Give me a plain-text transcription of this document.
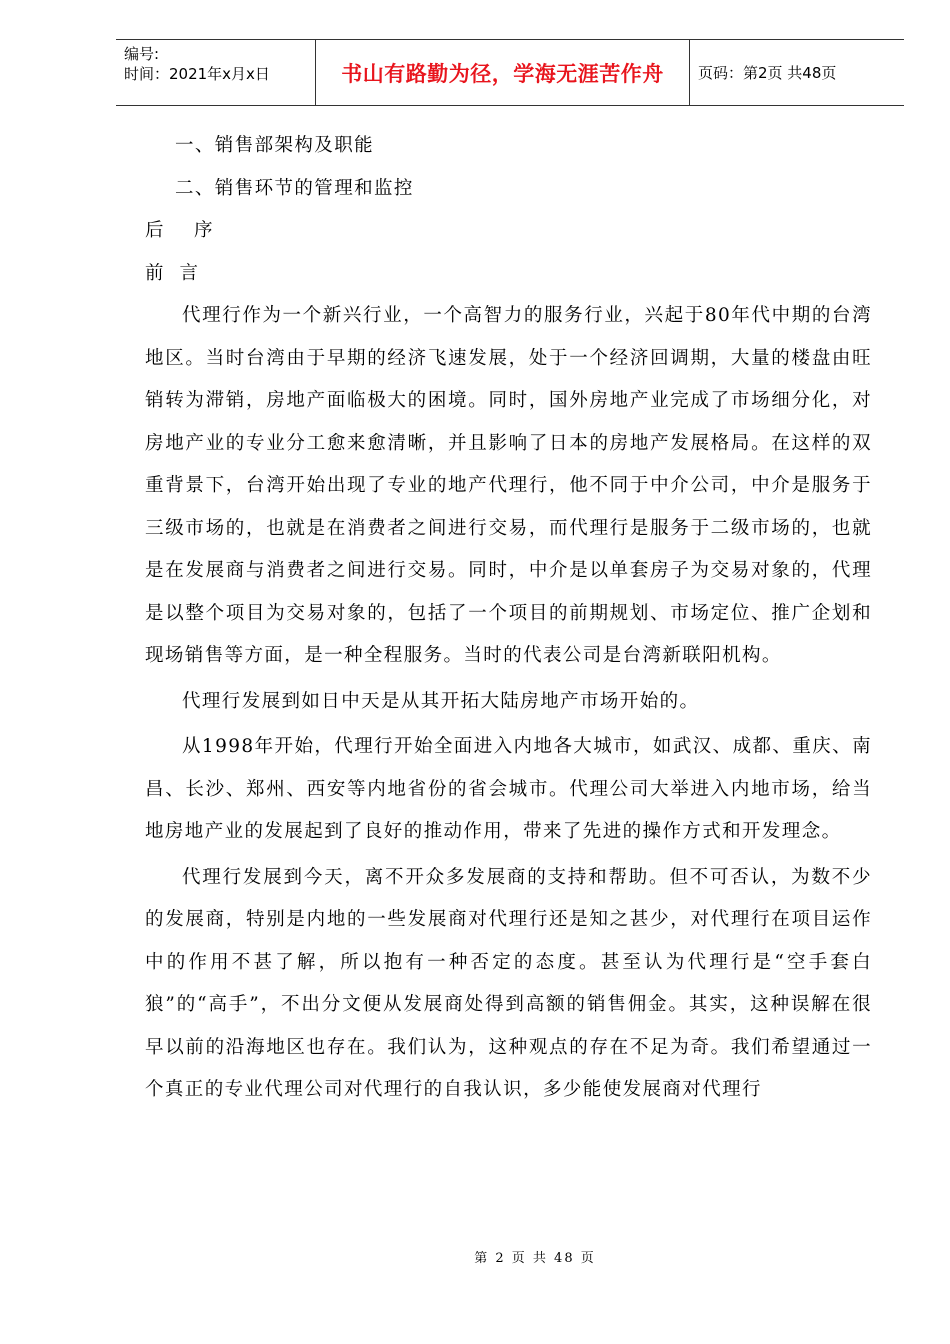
编号:
时间：2021年x月x日	书山有路勤为径，学海无涯苦作舟 页码：第2页 共48页

一、销售部架构及职能

二、销售环节的管理和监控

后    序

前  言

代理行作为一个新兴行业，一个高智力的服务行业，兴起于80年代中期的台湾地区。当时台湾由于早期的经济飞速发展，处于一个经济回调期，大量的楼盘由旺销转为滞销，房地产面临极大的困境。同时，国外房地产业完成了市场细分化，对房地产业的专业分工愈来愈清晰，并且影响了日本的房地产发展格局。在这样的双重背景下，台湾开始出现了专业的地产代理行，他不同于中介公司，中介是服务于三级市场的，也就是在消费者之间进行交易，而代理行是服务于二级市场的，也就是在发展商与消费者之间进行交易。同时，中介是以单套房子为交易对象的，代理是以整个项目为交易对象的，包括了一个项目的前期规划、市场定位、推广企划和现场销售等方面，是一种全程服务。当时的代表公司是台湾新联阳机构。

代理行发展到如日中天是从其开拓大陆房地产市场开始的。

从1998年开始，代理行开始全面进入内地各大城市，如武汉、成都、重庆、南昌、长沙、郑州、西安等内地省份的省会城市。代理公司大举进入内地市场，给当地房地产业的发展起到了良好的推动作用，带来了先进的操作方式和开发理念。

代理行发展到今天，离不开众多发展商的支持和帮助。但不可否认，为数不少的发展商，特别是内地的一些发展商对代理行还是知之甚少，对代理行在项目运作中的作用不甚了解，所以抱有一种否定的态度。甚至认为代理行是“空手套白狼”的“高手”，不出分文便从发展商处得到高额的销售佣金。其实，这种误解在很早以前的沿海地区也存在。我们认为，这种观点的存在不足为奇。我们希望通过一个真正的专业代理公司对代理行的自我认识，多少能使发展商对代理行

第 2 页 共 48 页
